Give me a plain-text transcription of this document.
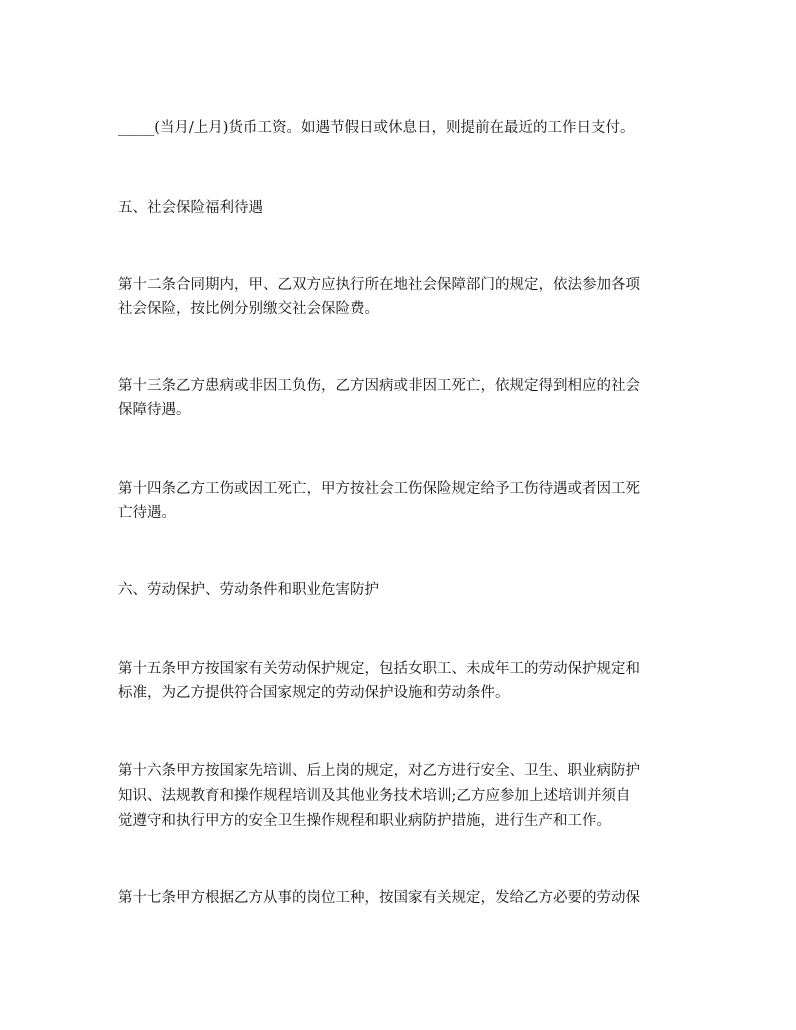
_____(当月/上月)货币工资。如遇节假日或休息日，则提前在最近的工作日支付。
五、社会保险福利待遇
第十二条合同期内，甲、乙双方应执行所在地社会保障部门的规定，依法参加各项
社会保险，按比例分别缴交社会保险费。
第十三条乙方患病或非因工负伤，乙方因病或非因工死亡，依规定得到相应的社会
保障待遇。
第十四条乙方工伤或因工死亡，甲方按社会工伤保险规定给予工伤待遇或者因工死
亡待遇。
六、劳动保护、劳动条件和职业危害防护
第十五条甲方按国家有关劳动保护规定，包括女职工、未成年工的劳动保护规定和
标准，为乙方提供符合国家规定的劳动保护设施和劳动条件。
第十六条甲方按国家先培训、后上岗的规定，对乙方进行安全、卫生、职业病防护
知识、法规教育和操作规程培训及其他业务技术培训;乙方应参加上述培训并须自
觉遵守和执行甲方的安全卫生操作规程和职业病防护措施，进行生产和工作。
第十七条甲方根据乙方从事的岗位工种，按国家有关规定，发给乙方必要的劳动保
